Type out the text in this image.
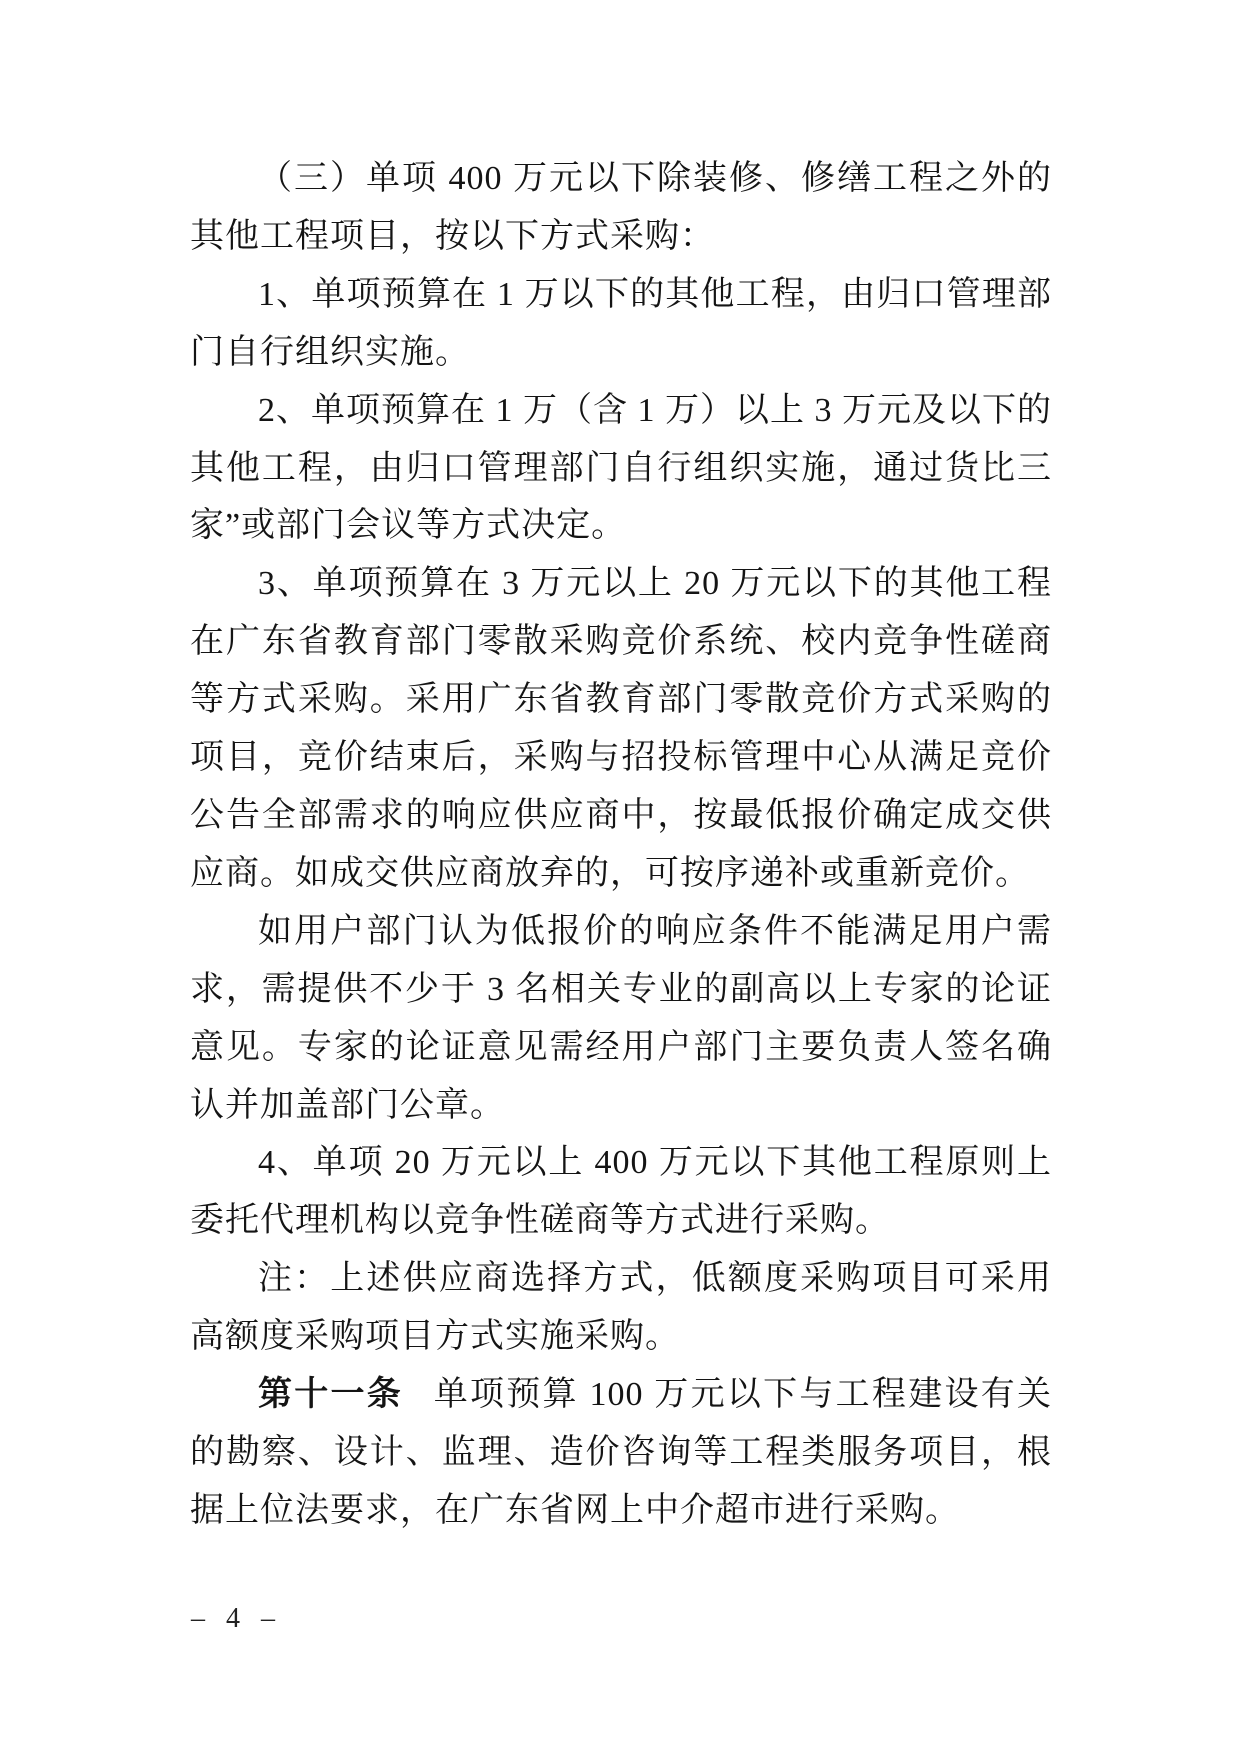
（三）单项 400 万元以下除装修、修缮工程之外的其他工程项目，按以下方式采购：

1、单项预算在 1 万以下的其他工程，由归口管理部门自行组织实施。

2、单项预算在 1 万（含 1 万）以上 3 万元及以下的其他工程，由归口管理部门自行组织实施，通过货比三家”或部门会议等方式决定。

3、单项预算在 3 万元以上 20 万元以下的其他工程在广东省教育部门零散采购竞价系统、校内竞争性磋商等方式采购。采用广东省教育部门零散竞价方式采购的项目，竞价结束后，采购与招投标管理中心从满足竞价公告全部需求的响应供应商中，按最低报价确定成交供应商。如成交供应商放弃的，可按序递补或重新竞价。

如用户部门认为低报价的响应条件不能满足用户需求，需提供不少于 3 名相关专业的副高以上专家的论证意见。专家的论证意见需经用户部门主要负责人签名确认并加盖部门公章。

4、单项 20 万元以上 400 万元以下其他工程原则上委托代理机构以竞争性磋商等方式进行采购。

注：上述供应商选择方式，低额度采购项目可采用高额度采购项目方式实施采购。

第十一条 单项预算 100 万元以下与工程建设有关的勘察、设计、监理、造价咨询等工程类服务项目，根据上位法要求，在广东省网上中介超市进行采购。

– 4 –
